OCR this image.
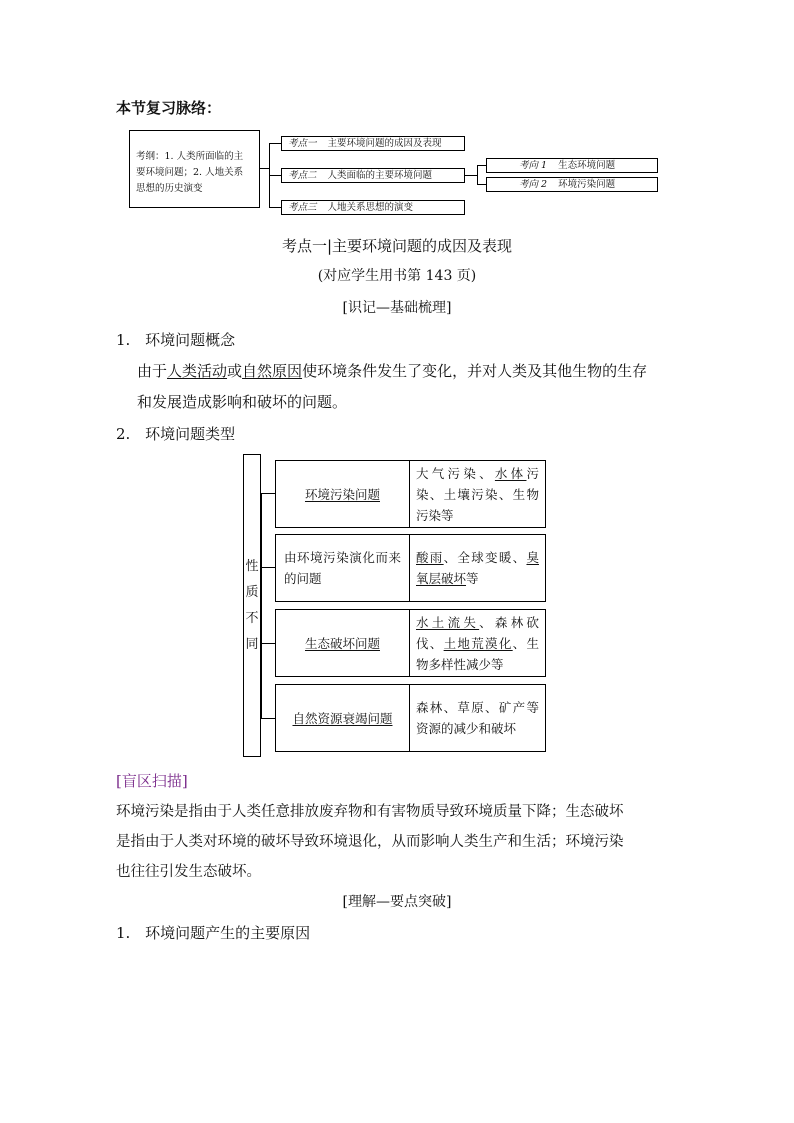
本节复习脉络：
考纲：1. 人类所面临的主
要环境问题；2. 人地关系
思想的历史演变
考点一 主要环境问题的成因及表现
考点二 人类面临的主要环境问题
考点三 人地关系思想的演变
考向 1 生态环境问题
考向 2 环境污染问题
考点一|主要环境问题的成因及表现
(对应学生用书第 143 页)
[识记—基础梳理]
1. 环境问题概念
由于人类活动或自然原因使环境条件发生了变化，并对人类及其他生物的生存
和发展造成影响和破坏的问题。
2. 环境问题类型
性
质
不
同
环境污染问题
大气污染、水体污染、土壤污染、生物污染等
由环境污染演化而来的问题
酸雨、全球变暖、臭氧层破坏等
生态破坏问题
水土流失、森林砍伐、土地荒漠化、生物多样性减少等
自然资源衰竭问题
森林、草原、矿产等资源的减少和破坏
[盲区扫描]
环境污染是指由于人类任意排放废弃物和有害物质导致环境质量下降；生态破坏
是指由于人类对环境的破坏导致环境退化，从而影响人类生产和生活；环境污染
也往往引发生态破坏。
[理解—要点突破]
1. 环境问题产生的主要原因
